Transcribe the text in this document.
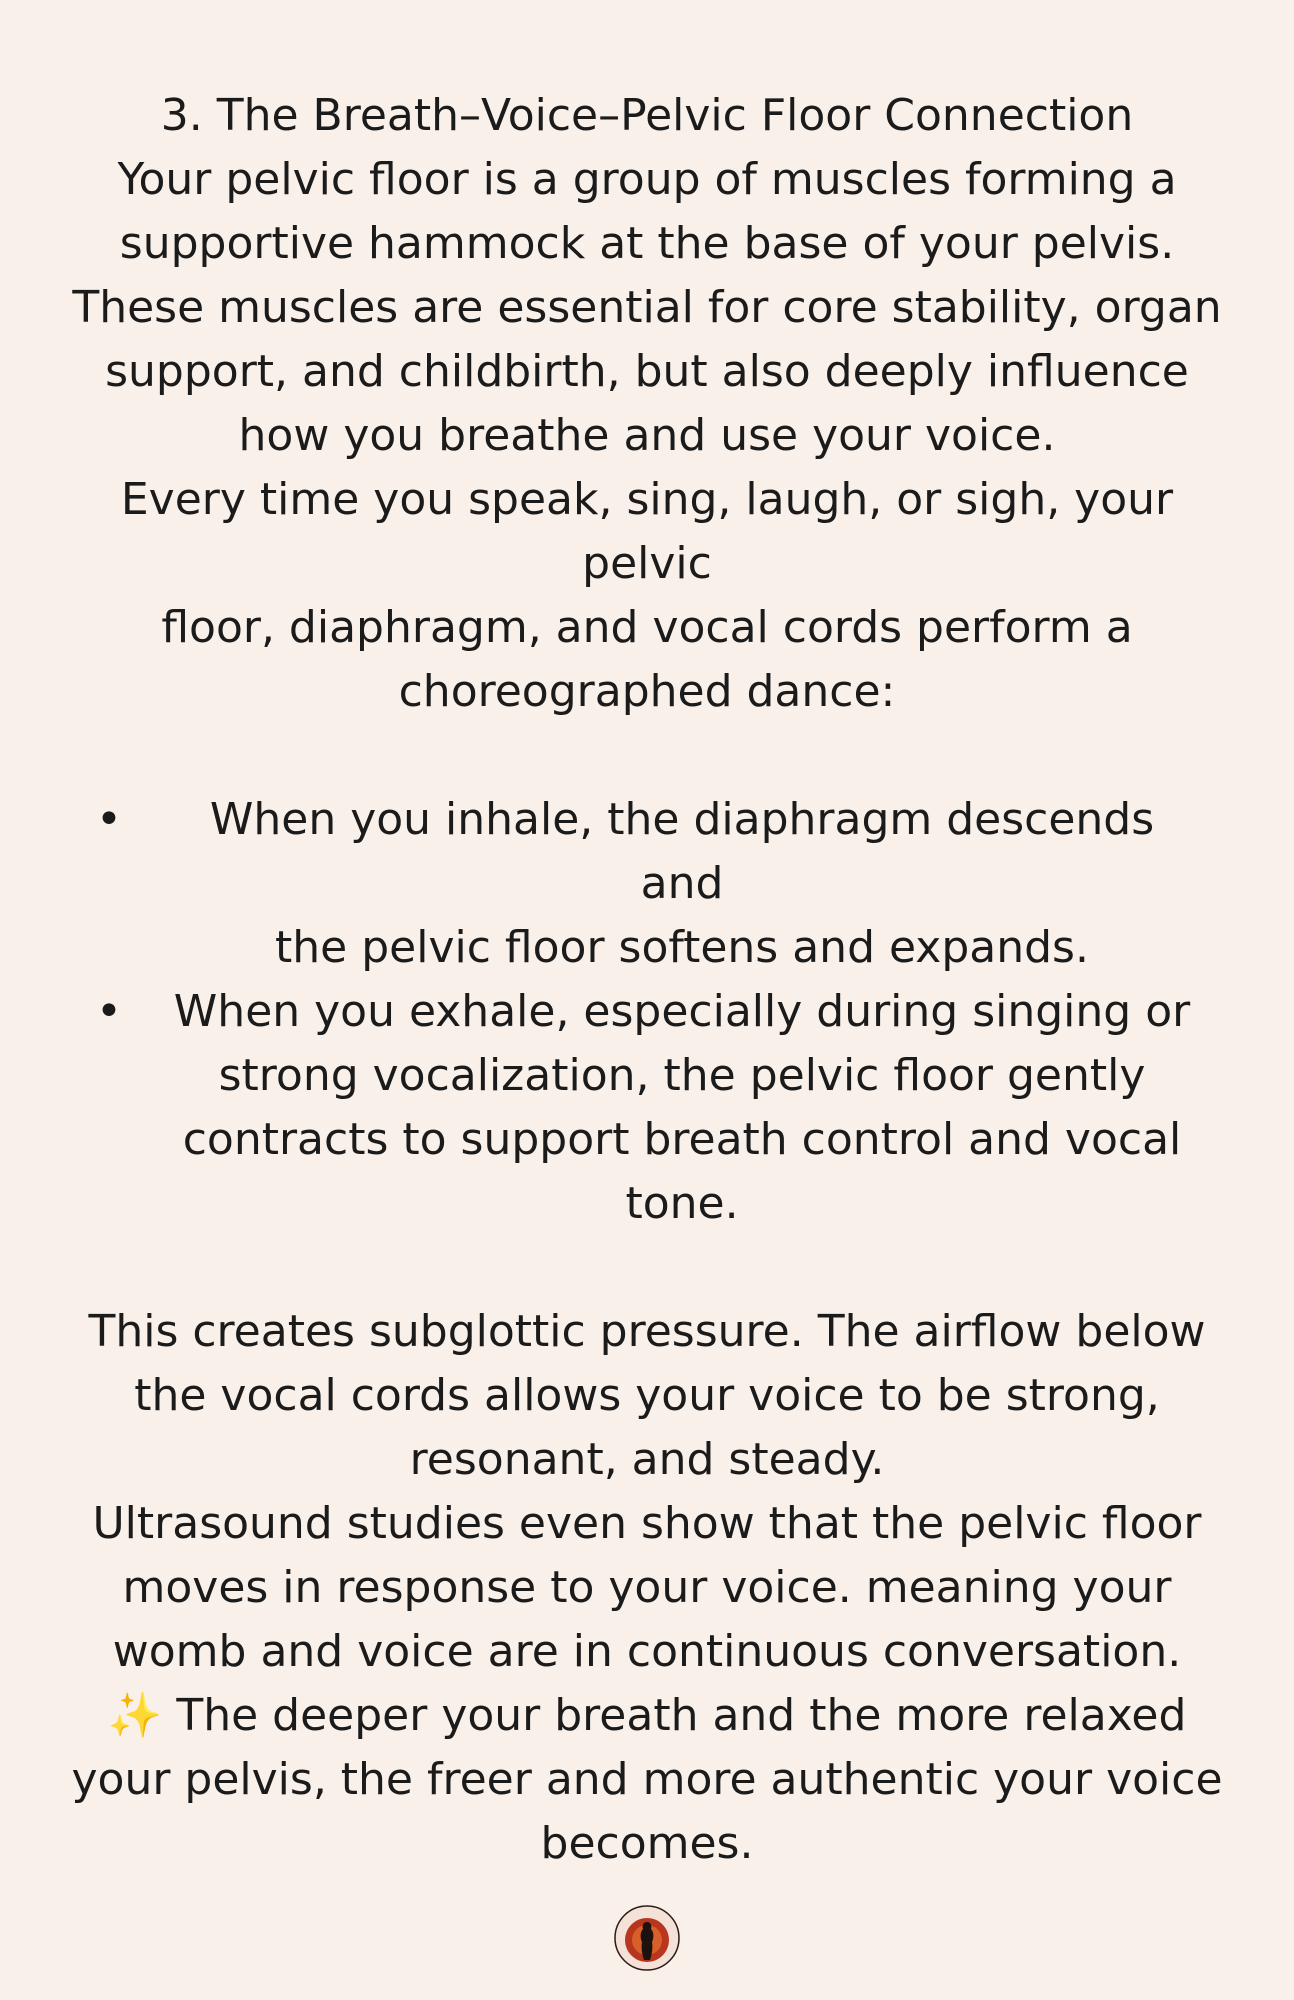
3. The Breath–Voice–Pelvic Floor Connection

Your pelvic floor is a group of muscles forming a

supportive hammock at the base of your pelvis.

These muscles are essential for core stability, organ

support, and childbirth, but also deeply influence

how you breathe and use your voice.

Every time you speak, sing, laugh, or sigh, your pelvic

floor, diaphragm, and vocal cords perform a

choreographed dance:

•	When you inhale, the diaphragm descends and

the pelvic floor softens and expands.

• When you exhale, especially during singing or

strong vocalization, the pelvic floor gently

contracts to support breath control and vocal

tone.

This creates subglottic pressure. The airflow below

the vocal cords allows your voice to be strong,

resonant, and steady.

Ultrasound studies even show that the pelvic floor

moves in response to your voice. meaning your

womb and voice are in continuous conversation.

✨ The deeper your breath and the more relaxed

your pelvis, the freer and more authentic your voice

becomes.
